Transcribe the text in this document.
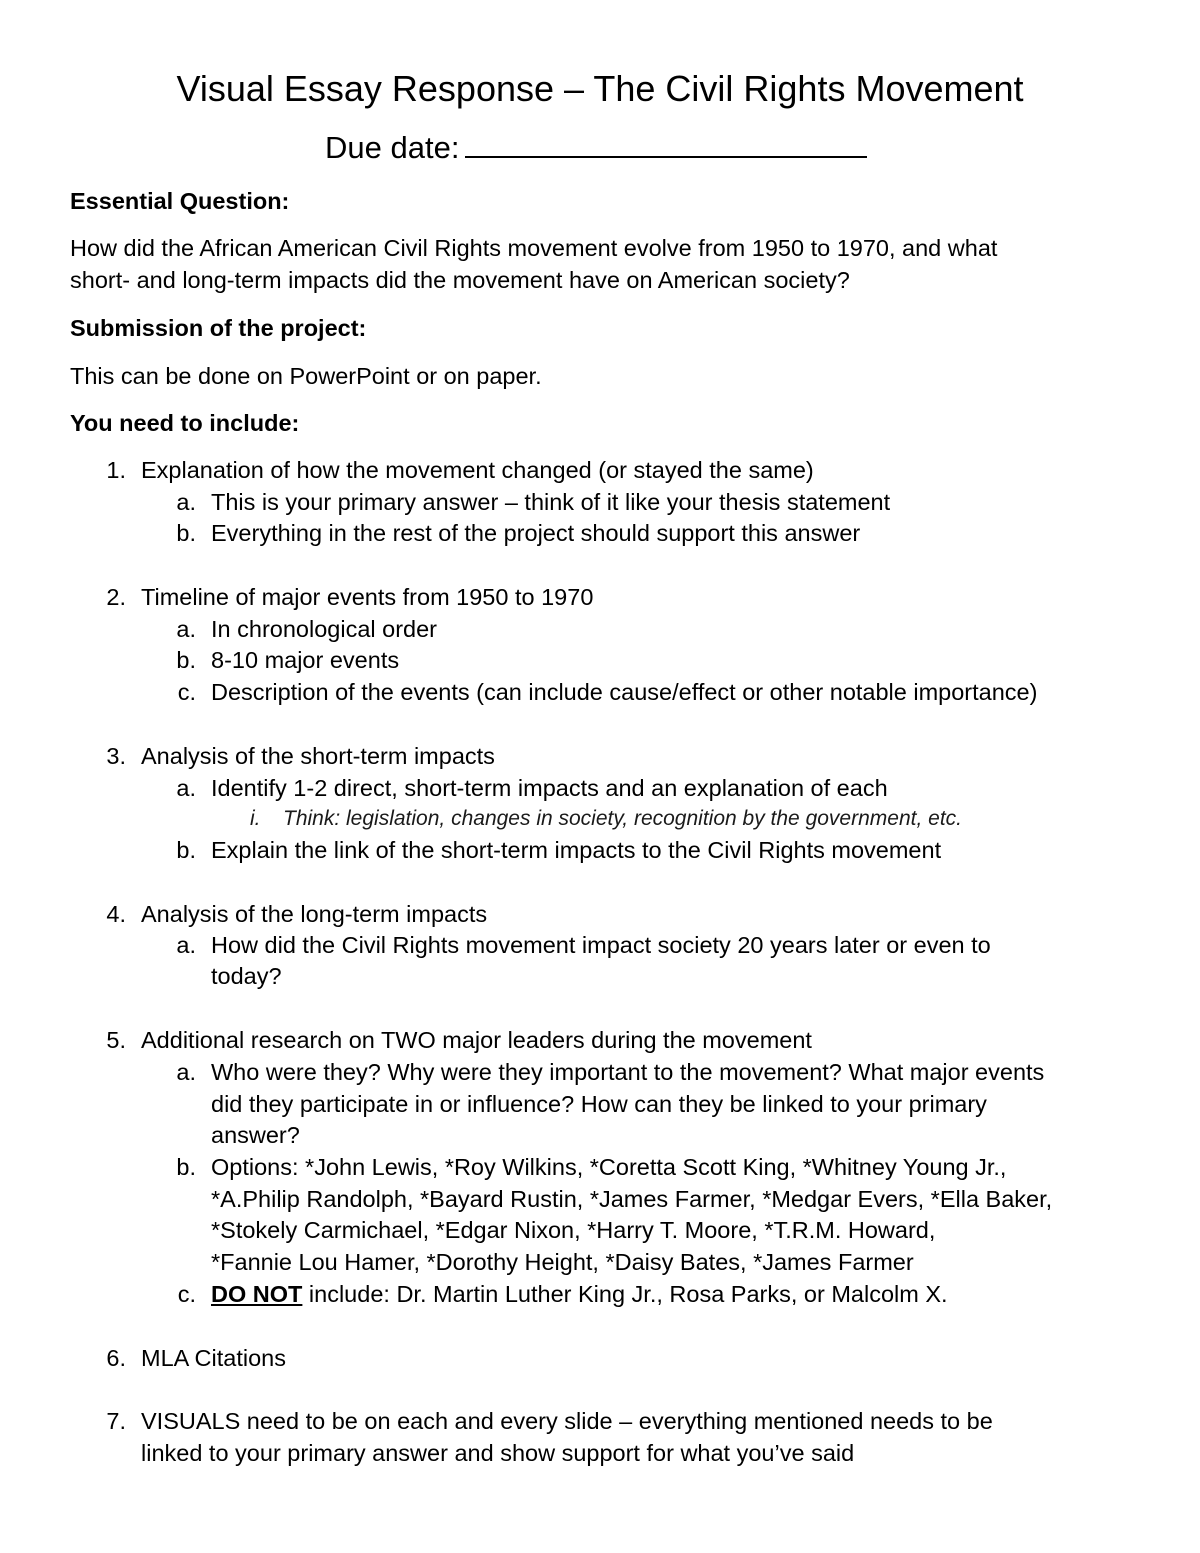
Visual Essay Response – The Civil Rights Movement
Due date:
Essential Question:
How did the African American Civil Rights movement evolve from 1950 to 1970, and what
short- and long-term impacts did the movement have on American society?
Submission of the project:
This can be done on PowerPoint or on paper.
You need to include:
1. Explanation of how the movement changed (or stayed the same)
a. This is your primary answer – think of it like your thesis statement
b. Everything in the rest of the project should support this answer
2. Timeline of major events from 1950 to 1970
a. In chronological order
b. 8-10 major events
c. Description of the events (can include cause/effect or other notable importance)
3. Analysis of the short-term impacts
a. Identify 1-2 direct, short-term impacts and an explanation of each
i. Think: legislation, changes in society, recognition by the government, etc.
b. Explain the link of the short-term impacts to the Civil Rights movement
4. Analysis of the long-term impacts
a. How did the Civil Rights movement impact society 20 years later or even to
today?
5. Additional research on TWO major leaders during the movement
a. Who were they? Why were they important to the movement? What major events
did they participate in or influence? How can they be linked to your primary
answer?
b. Options: *John Lewis, *Roy Wilkins, *Coretta Scott King, *Whitney Young Jr.,
*A.Philip Randolph, *Bayard Rustin, *James Farmer, *Medgar Evers, *Ella Baker,
*Stokely Carmichael, *Edgar Nixon, *Harry T. Moore, *T.R.M. Howard,
*Fannie Lou Hamer, *Dorothy Height, *Daisy Bates, *James Farmer
c. DO NOT include: Dr. Martin Luther King Jr., Rosa Parks, or Malcolm X.
6. MLA Citations
7. VISUALS need to be on each and every slide – everything mentioned needs to be
linked to your primary answer and show support for what you’ve said
